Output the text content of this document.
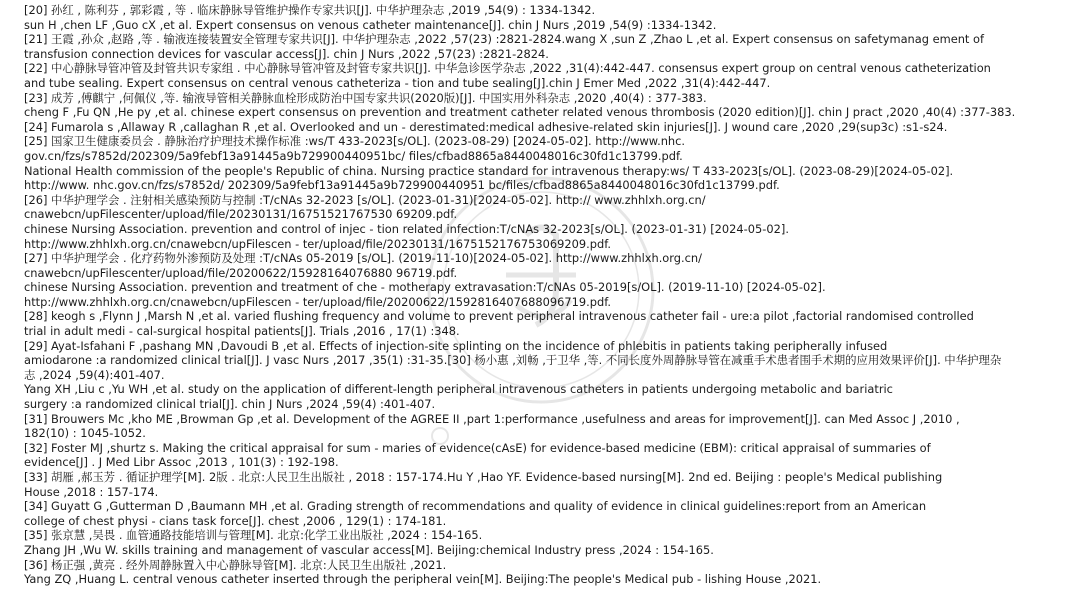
[20] 孙红 , 陈利芬 , 郭彩霞 , 等 . 临床静脉导管维护操作专家共识[J]. 中华护理杂志 ,2019 ,54(9) : 1334-1342.
sun H ,chen LF ,Guo cX ,et al. Expert consensus on venous catheter maintenance[J]. chin J Nurs ,2019 ,54(9) :1334-1342.
[21] 王霞 ,孙众 ,赵路 ,等 . 输液连接装置安全管理专家共识[J]. 中华护理杂志 ,2022 ,57(23) :2821-2824.wang X ,sun Z ,Zhao L ,et al. Expert consensus on safetymanag ement of
transfusion connection devices for vascular access[J]. chin J Nurs ,2022 ,57(23) :2821-2824.
[22] 中心静脉导管冲管及封管共识专家组 . 中心静脉导管冲管及封管专家共识[J]. 中华急诊医学杂志 ,2022 ,31(4):442-447. consensus expert group on central venous catheterization
and tube sealing. Expert consensus on central venous catheteriza - tion and tube sealing[J].chin J Emer Med ,2022 ,31(4):442-447.
[23] 成芳 ,傅麒宁 ,何佩仪 ,等. 输液导管相关静脉血栓形成防治中国专家共识(2020版)[J]. 中国实用外科杂志 ,2020 ,40(4) : 377-383.
cheng F ,Fu QN ,He py ,et al. chinese expert consensus on prevention and treatment catheter related venous thrombosis (2020 edition)[J]. chin J pract ,2020 ,40(4) :377-383.
[24] Fumarola s ,Allaway R ,callaghan R ,et al. Overlooked and un - derestimated:medical adhesive-related skin injuries[J]. J wound care ,2020 ,29(sup3c) :s1-s24.
[25] 国家卫生健康委员会 . 静脉治疗护理技术操作标准 :ws/T 433-2023[s/OL]. (2023-08-29) [2024-05-02]. http://www.nhc.
gov.cn/fzs/s7852d/202309/5a9febf13a91445a9b729900440951bc/ files/cfbad8865a8440048016c30fd1c13799.pdf.
National Health commission of the people's Republic of china. Nursing practice standard for intravenous therapy:ws/ T 433-2023[s/OL]. (2023-08-29)[2024-05-02].
http://www. nhc.gov.cn/fzs/s7852d/ 202309/5a9febf13a91445a9b729900440951 bc/files/cfbad8865a8440048016c30fd1c13799.pdf.
[26] 中华护理学会 . 注射相关感染预防与控制 :T/cNAs 32-2023 [s/OL]. (2023-01-31)[2024-05-02]. http:// www.zhhlxh.org.cn/
cnawebcn/upFilescenter/upload/file/20230131/16751521767530 69209.pdf.
chinese Nursing Association. prevention and control of injec - tion related infection:T/cNAs 32-2023[s/OL]. (2023-01-31) [2024-05-02].
http://www.zhhlxh.org.cn/cnawebcn/upFilescen - ter/upload/file/20230131/1675152176753069209.pdf.
[27] 中华护理学会 . 化疗药物外渗预防及处理 :T/cNAs 05-2019 [s/OL]. (2019-11-10)[2024-05-02]. http://www.zhhlxh.org.cn/
cnawebcn/upFilescenter/upload/file/20200622/15928164076880 96719.pdf.
chinese Nursing Association. prevention and treatment of che - motherapy extravasation:T/cNAs 05-2019[s/OL]. (2019-11-10) [2024-05-02].
http://www.zhhlxh.org.cn/cnawebcn/upFilescen - ter/upload/file/20200622/1592816407688096719.pdf.
[28] keogh s ,Flynn J ,Marsh N ,et al. varied flushing frequency and volume to prevent peripheral intravenous catheter fail - ure:a pilot ,factorial randomised controlled
trial in adult medi - cal-surgical hospital patients[J]. Trials ,2016 , 17(1) :348.
[29] Ayat-Isfahani F ,pashang MN ,Davoudi B ,et al. Effects of injection-site splinting on the incidence of phlebitis in patients taking peripherally infused
amiodarone :a randomized clinical trial[J]. J vasc Nurs ,2017 ,35(1) :31-35.[30] 杨小惠 ,刘畅 ,于卫华 ,等. 不同长度外周静脉导管在减重手术患者围手术期的应用效果评价[J]. 中华护理杂
志 ,2024 ,59(4):401-407.
Yang XH ,Liu c ,Yu WH ,et al. study on the application of different-length peripheral intravenous catheters in patients undergoing metabolic and bariatric
surgery :a randomized clinical trial[J]. chin J Nurs ,2024 ,59(4) :401-407.
[31] Brouwers Mc ,kho ME ,Browman Gp ,et al. Development of the AGREE II ,part 1:performance ,usefulness and areas for improvement[J]. can Med Assoc J ,2010 ,
182(10) : 1045-1052.
[32] Foster MJ ,shurtz s. Making the critical appraisal for sum - maries of evidence(cAsE) for evidence-based medicine (EBM): critical appraisal of summaries of
evidence[J] . J Med Libr Assoc ,2013 , 101(3) : 192-198.
[33] 胡雁 ,郝玉芳 . 循证护理学[M]. 2版 . 北京:人民卫生出版社 , 2018 : 157-174.Hu Y ,Hao YF. Evidence-based nursing[M]. 2nd ed. Beijing : people's Medical publishing
House ,2018 : 157-174.
[34] Guyatt G ,Gutterman D ,Baumann MH ,et al. Grading strength of recommendations and quality of evidence in clinical guidelines:report from an American
college of chest physi - cians task force[J]. chest ,2006 , 129(1) : 174-181.
[35] 张京慧 ,吴畏 . 血管通路技能培训与管理[M]. 北京:化学工业出版社 ,2024 : 154-165.
Zhang JH ,Wu W. skills training and management of vascular access[M]. Beijing:chemical Industry press ,2024 : 154-165.
[36] 杨正强 ,黄亮 . 经外周静脉置入中心静脉导管[M]. 北京:人民卫生出版社 ,2021.
Yang ZQ ,Huang L. central venous catheter inserted through the peripheral vein[M]. Beijing:The people's Medical pub - lishing House ,2021.
